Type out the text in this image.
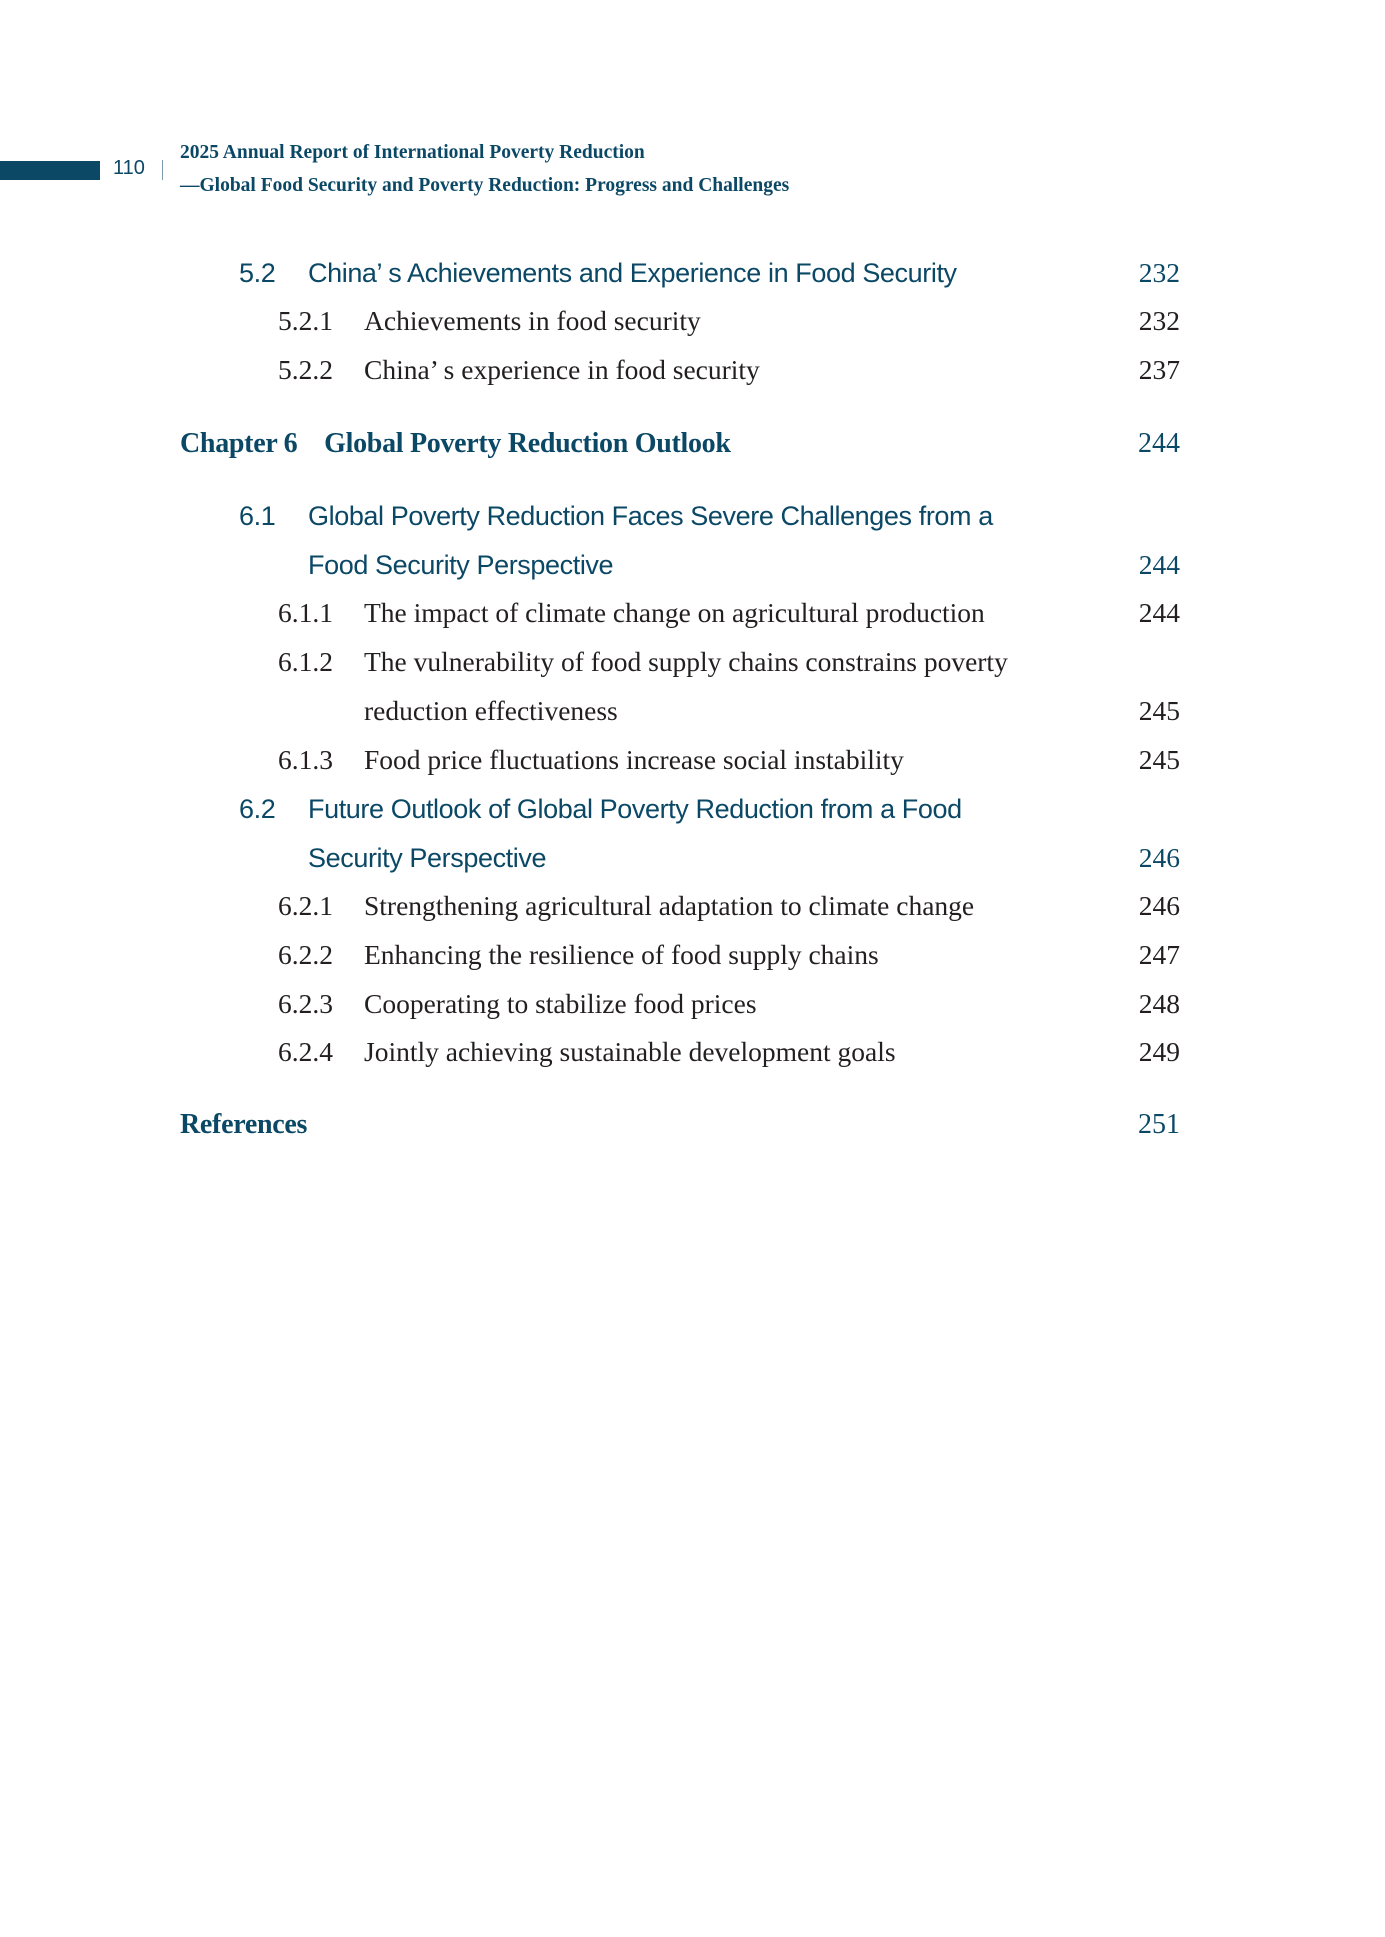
110
2025 Annual Report of International Poverty Reduction
—Global Food Security and Poverty Reduction: Progress and Challenges
5.2 China’ s Achievements and Experience in Food Security	232
5.2.1 Achievements in food security	232
5.2.2 China’ s experience in food security	237
Chapter 6    Global Poverty Reduction Outlook	244
6.1 Global Poverty Reduction Faces Severe Challenges from a
Food Security Perspective	244
6.1.1 The impact of climate change on agricultural production	244
6.1.2 The vulnerability of food supply chains constrains poverty
reduction effectiveness	245
6.1.3 Food price fluctuations increase social instability	245
6.2 Future Outlook of Global Poverty Reduction from a Food
Security Perspective	246
6.2.1 Strengthening agricultural adaptation to climate change	246
6.2.2 Enhancing the resilience of food supply chains	247
6.2.3 Cooperating to stabilize food prices	248
6.2.4 Jointly achieving sustainable development goals	249
References	251
